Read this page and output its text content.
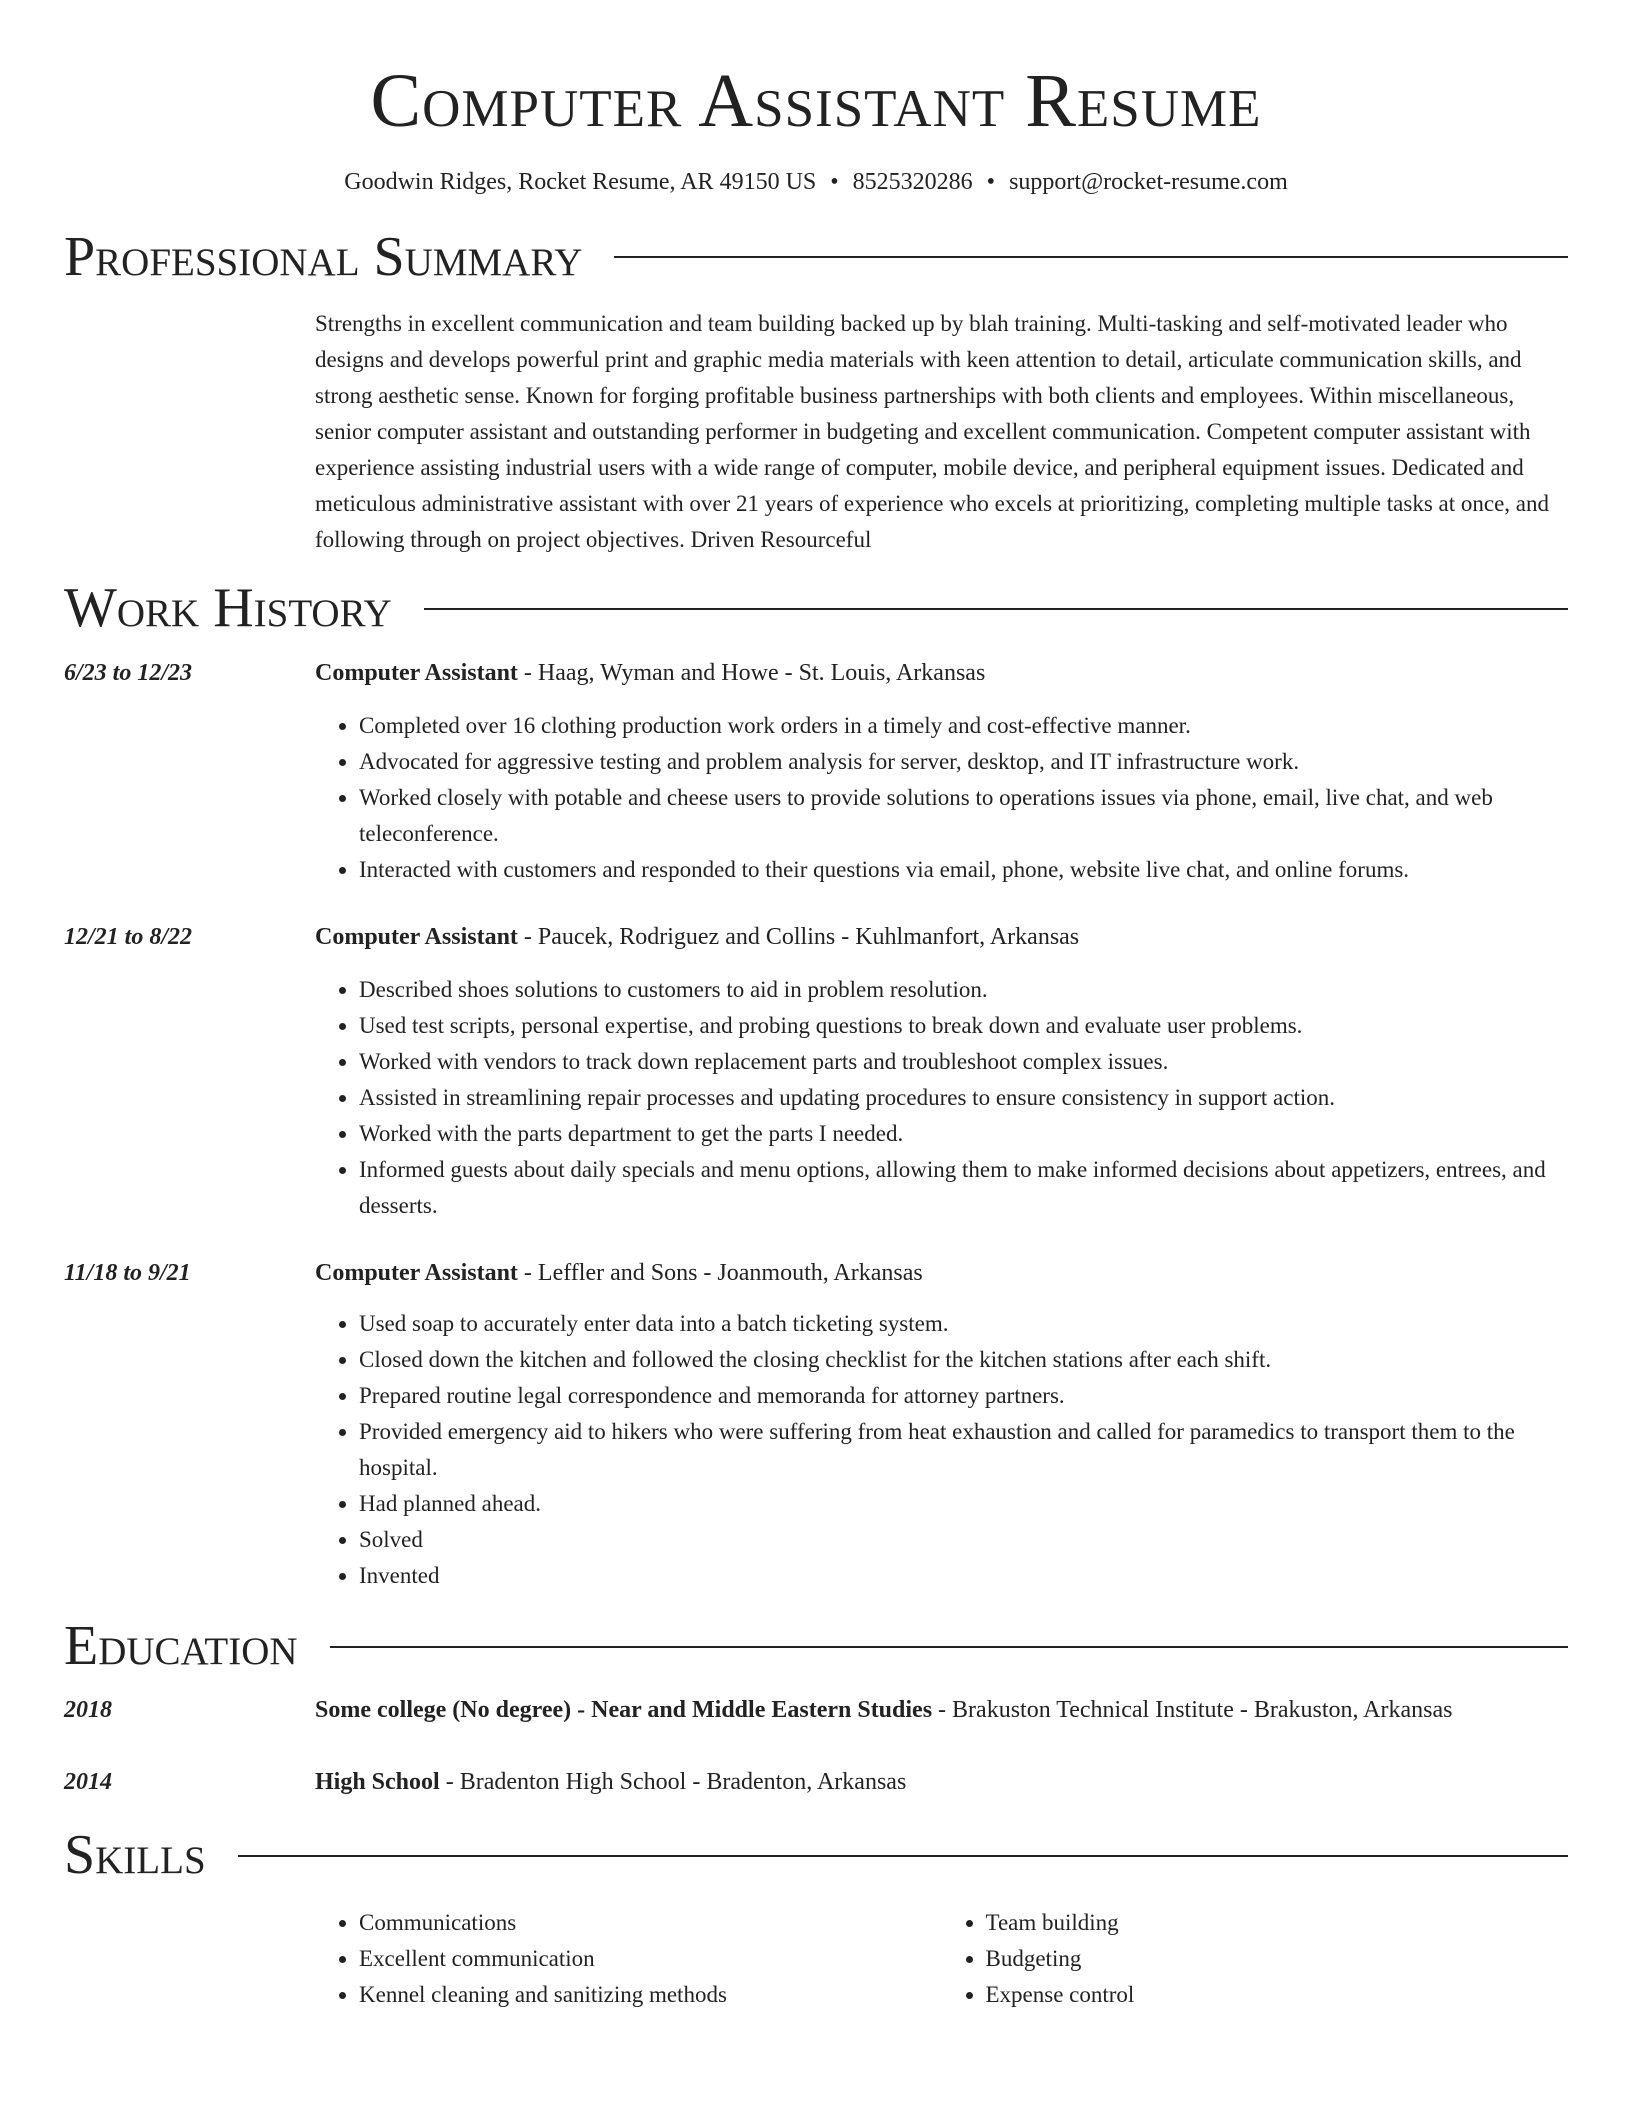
Computer Assistant Resume
Goodwin Ridges, Rocket Resume, AR 49150 US • 8525320286 • support@rocket-resume.com
Professional Summary
Strengths in excellent communication and team building backed up by blah training. Multi-tasking and self-motivated leader who designs and develops powerful print and graphic media materials with keen attention to detail, articulate communication skills, and strong aesthetic sense. Known for forging profitable business partnerships with both clients and employees. Within miscellaneous, senior computer assistant and outstanding performer in budgeting and excellent communication. Competent computer assistant with experience assisting industrial users with a wide range of computer, mobile device, and peripheral equipment issues. Dedicated and meticulous administrative assistant with over 21 years of experience who excels at prioritizing, completing multiple tasks at once, and following through on project objectives. Driven Resourceful
Work History
6/23 to 12/23	Computer Assistant - Haag, Wyman and Howe - St. Louis, Arkansas
• Completed over 16 clothing production work orders in a timely and cost-effective manner.
• Advocated for aggressive testing and problem analysis for server, desktop, and IT infrastructure work.
• Worked closely with potable and cheese users to provide solutions to operations issues via phone, email, live chat, and web teleconference.
• Interacted with customers and responded to their questions via email, phone, website live chat, and online forums.
12/21 to 8/22	Computer Assistant - Paucek, Rodriguez and Collins - Kuhlmanfort, Arkansas
• Described shoes solutions to customers to aid in problem resolution.
• Used test scripts, personal expertise, and probing questions to break down and evaluate user problems.
• Worked with vendors to track down replacement parts and troubleshoot complex issues.
• Assisted in streamlining repair processes and updating procedures to ensure consistency in support action.
• Worked with the parts department to get the parts I needed.
• Informed guests about daily specials and menu options, allowing them to make informed decisions about appetizers, entrees, and desserts.
11/18 to 9/21	Computer Assistant - Leffler and Sons - Joanmouth, Arkansas
• Used soap to accurately enter data into a batch ticketing system.
• Closed down the kitchen and followed the closing checklist for the kitchen stations after each shift.
• Prepared routine legal correspondence and memoranda for attorney partners.
• Provided emergency aid to hikers who were suffering from heat exhaustion and called for paramedics to transport them to the hospital.
• Had planned ahead.
• Solved
• Invented
Education
2018	Some college (No degree) - Near and Middle Eastern Studies - Brakuston Technical Institute - Brakuston, Arkansas
2014	High School - Bradenton High School - Bradenton, Arkansas
Skills
• Communications
• Excellent communication
• Kennel cleaning and sanitizing methods
• Team building
• Budgeting
• Expense control
